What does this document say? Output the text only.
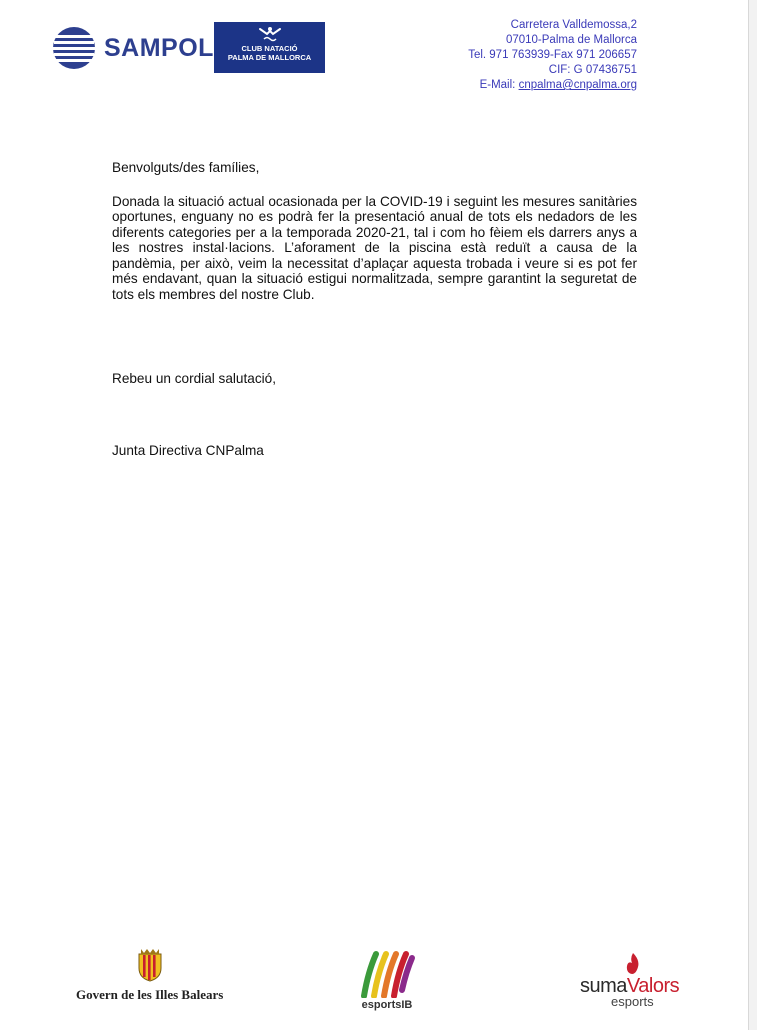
SAMPOL	CLUB NATACIÓ
PALMA DE MALLORCA
Carretera Valldemossa,2
07010-Palma de Mallorca
Tel. 971 763939-Fax 971 206657
CIF: G 07436751
E-Mail: cnpalma@cnpalma.org

Benvolguts/des famílies,

Donada la situació actual ocasionada per la COVID-19 i seguint les mesures sanitàries oportunes, enguany no es podrà fer la presentació anual de tots els nedadors de les diferents categories per a la temporada 2020-21, tal i com ho fèiem els darrers anys a les nostres instal·lacions. L’aforament de la piscina està reduït a causa de la pandèmia, per això, veim la necessitat d’aplaçar aquesta trobada i veure si es pot fer més endavant, quan la situació estigui normalitzada, sempre garantint la seguretat de tots els membres del nostre Club.

Rebeu un cordial salutació,
Junta Directiva CNPalma
Govern de les Illes Balears
esportsIB
sumaValors
esports
